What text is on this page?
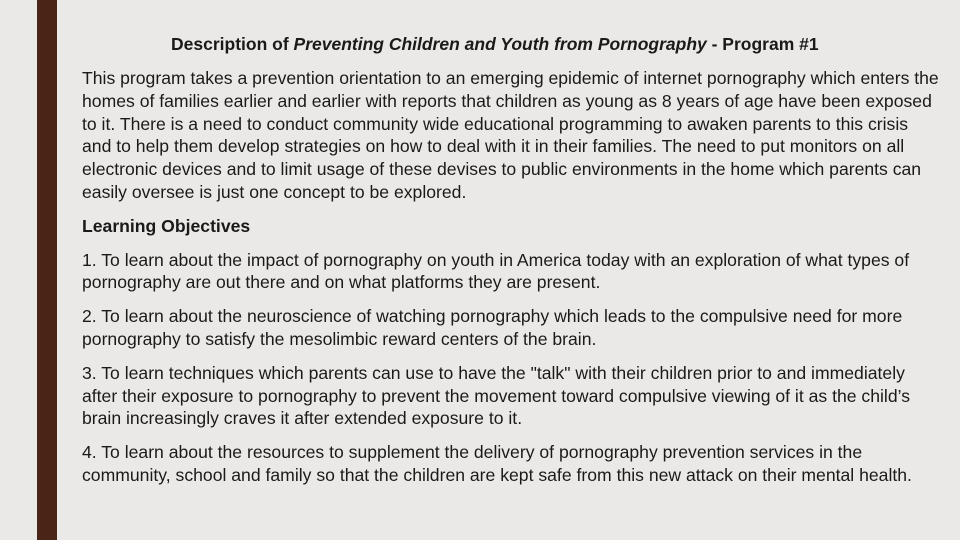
Description of Preventing Children and Youth from Pornography - Program #1

This program takes a prevention orientation to an emerging epidemic of internet pornography which enters the homes of families earlier and earlier with reports that children as young as 8 years of age have been exposed to it. There is a need to conduct community wide educational programming to awaken parents to this crisis and to help them develop strategies on how to deal with it in their families. The need to put monitors on all electronic devices and to limit usage of these devises to public environments in the home which parents can easily oversee is just one concept to be explored.

Learning Objectives

1. To learn about the impact of pornography on youth in America today with an exploration of what types of pornography are out there and on what platforms they are present.

2. To learn about the neuroscience of watching pornography which leads to the compulsive need for more pornography to satisfy the mesolimbic reward centers of the brain.

3. To learn techniques which parents can use to have the "talk" with their children prior to and immediately after their exposure to pornography to prevent the movement toward compulsive viewing of it as the child’s brain increasingly craves it after extended exposure to it.

4. To learn about the resources to supplement the delivery of pornography prevention services in the community, school and family so that the children are kept safe from this new attack on their mental health.
